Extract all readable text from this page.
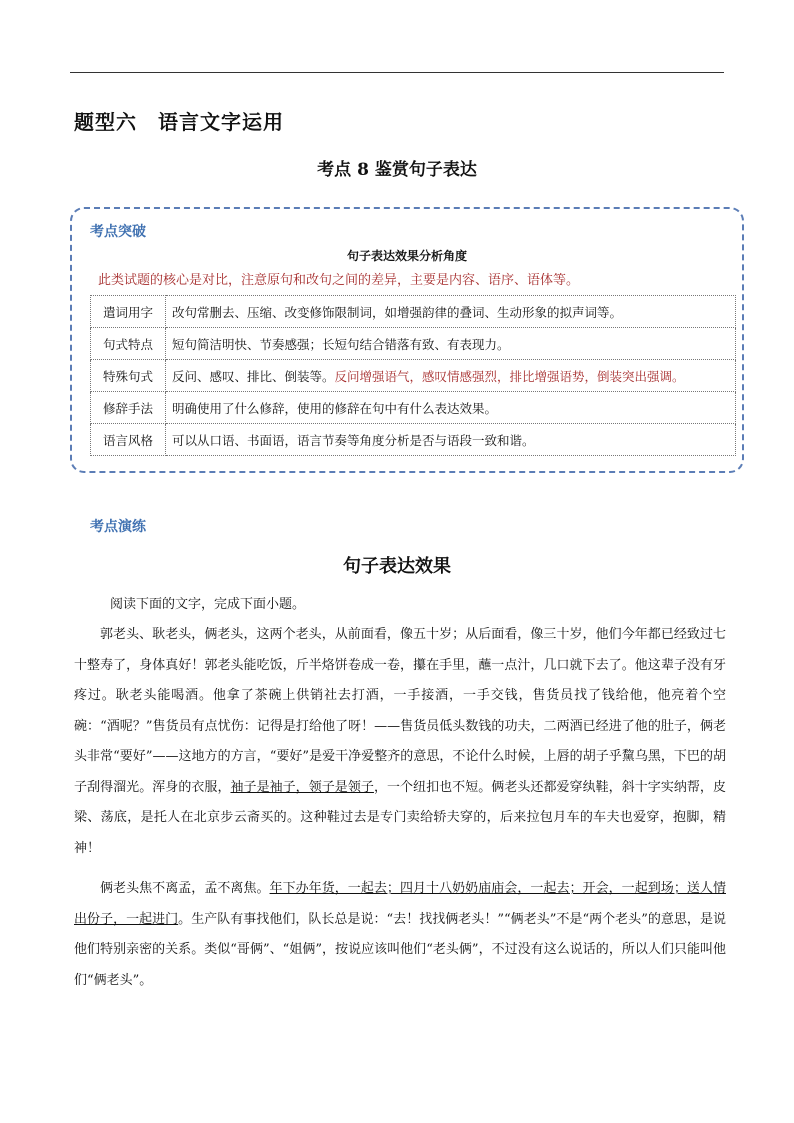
题型六　语言文字运用
考点 8 鉴赏句子表达
考点突破
句子表达效果分析角度
此类试题的核心是对比，注意原句和改句之间的差异，主要是内容、语序、语体等。
遣词用字	改句常删去、压缩、改变修饰限制词，如增强韵律的叠词、生动形象的拟声词等。
句式特点	短句简洁明快、节奏感强；长短句结合错落有致、有表现力。
特殊句式	反问、感叹、排比、倒装等。反问增强语气，感叹情感强烈，排比增强语势，倒装突出强调。
修辞手法	明确使用了什么修辞，使用的修辞在句中有什么表达效果。
语言风格	可以从口语、书面语，语言节奏等角度分析是否与语段一致和谐。
考点演练
句子表达效果
阅读下面的文字，完成下面小题。
郭老头、耿老头，俩老头，这两个老头，从前面看，像五十岁；从后面看，像三十岁，他们今年都已经致过七十整寿了，身体真好！郭老头能吃饭，斤半烙饼卷成一卷，攥在手里，蘸一点汁，几口就下去了。他这辈子没有牙疼过。耿老头能喝酒。他拿了茶碗上供销社去打酒，一手接酒，一手交钱，售货员找了钱给他，他亮着个空碗：“酒呢？”售货员有点忧伤：记得是打给他了呀！——售货员低头数钱的功夫，二两酒已经进了他的肚子，俩老头非常“要好”——这地方的方言，“要好”是爱干净爱整齐的意思，不论什么时候，上唇的胡子乎黧乌黑，下巴的胡子刮得溜光。浑身的衣服，袖子是袖子，领子是领子，一个纽扣也不短。俩老头还都爱穿纨鞋，斜十字实纳帮，皮梁、荡底，是托人在北京步云斋买的。这种鞋过去是专门卖给轿夫穿的，后来拉包月车的车夫也爱穿，抱脚，精神！
俩老头焦不离孟，孟不离焦。年下办年货，一起去；四月十八奶奶庙庙会，一起去；开会，一起到场；送人情出份子，一起进门。生产队有事找他们，队长总是说：“去！找找俩老头！”“俩老头”不是“两个老头”的意思，是说他们特别亲密的关系。类似“哥俩”、“姐俩”，按说应该叫他们“老头俩”，不过没有这么说话的，所以人们只能叫他们“俩老头”。
